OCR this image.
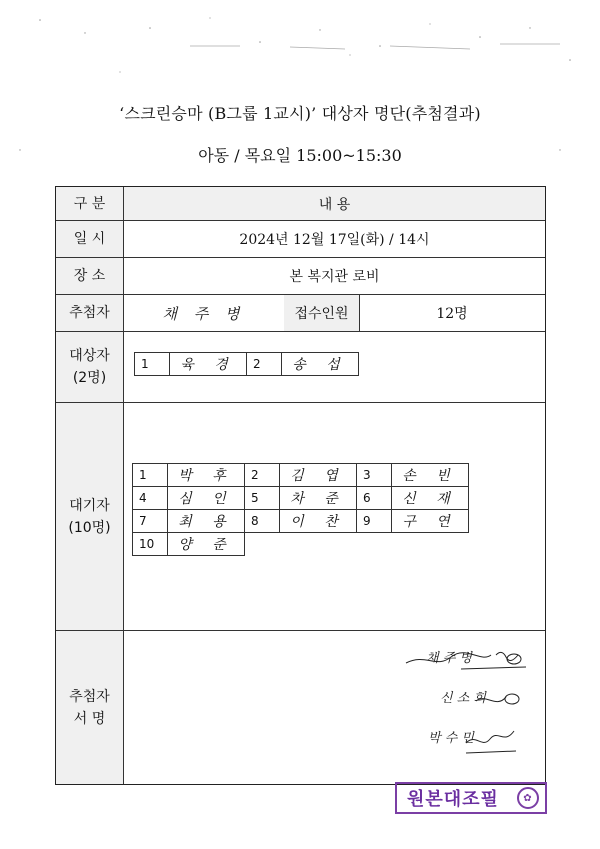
‘스크린승마 (B그룹 1교시)’ 대상자 명단(추첨결과)
아동 / 목요일 15:00~15:30
구 분	내 용
일 시	2024년 12월 17일(화) / 14시
장 소	본 복지관 로비
추첨자	채 주 병	접수인원	12명
대상자
(2명)
1	육 경	2	송 섭
대기자
(10명)
1	박 후	2	김 엽	3	손 빈
4	심 인	5	차 준	6	신 재
7	최 용	8	이 찬	9	구 연
10	양 준				
추첨자
서 명
채 주 병
신 소 희
박 수 민
원본대조필	✿
